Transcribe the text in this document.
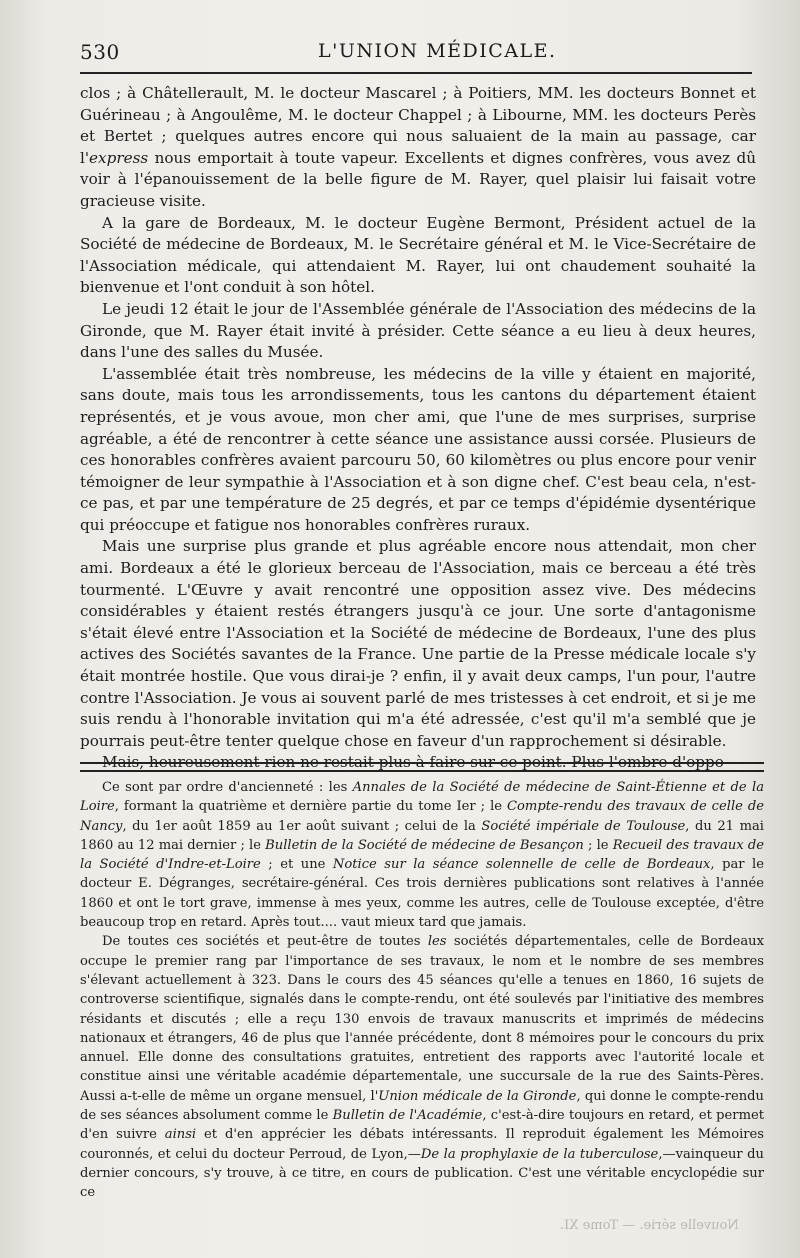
530	L'UNION MÉDICALE.

clos ; à Châtellerault, M. le docteur Mascarel ; à Poitiers, MM. les docteurs Bonnet et Guérineau ; à Angoulême, M. le docteur Chappel ; à Libourne, MM. les docteurs Perès et Bertet ; quelques autres encore qui nous saluaient de la main au passage, car l'express nous emportait à toute vapeur. Excellents et dignes confrères, vous avez dû voir à l'épanouissement de la belle figure de M. Rayer, quel plaisir lui faisait votre gracieuse visite.

A la gare de Bordeaux, M. le docteur Eugène Bermont, Président actuel de la Société de médecine de Bordeaux, M. le Secrétaire général et M. le Vice-Secrétaire de l'Association médicale, qui attendaient M. Rayer, lui ont chaudement souhaité la bienvenue et l'ont conduit à son hôtel.

Le jeudi 12 était le jour de l'Assemblée générale de l'Association des médecins de la Gironde, que M. Rayer était invité à présider. Cette séance a eu lieu à deux heures, dans l'une des salles du Musée.

L'assemblée était très nombreuse, les médecins de la ville y étaient en majorité, sans doute, mais tous les arrondissements, tous les cantons du département étaient représentés, et je vous avoue, mon cher ami, que l'une de mes surprises, surprise agréable, a été de rencontrer à cette séance une assistance aussi corsée. Plusieurs de ces honorables confrères avaient parcouru 50, 60 kilomètres ou plus encore pour venir témoigner de leur sympathie à l'Association et à son digne chef. C'est beau cela, n'est-ce pas, et par une température de 25 degrés, et par ce temps d'épidémie dysentérique qui préoccupe et fatigue nos honorables confrères ruraux.

Mais une surprise plus grande et plus agréable encore nous attendait, mon cher ami. Bordeaux a été le glorieux berceau de l'Association, mais ce berceau a été très tourmenté. L'Œuvre y avait rencontré une opposition assez vive. Des médecins considérables y étaient restés étrangers jusqu'à ce jour. Une sorte d'antagonisme s'était élevé entre l'Association et la Société de médecine de Bordeaux, l'une des plus actives des Sociétés savantes de la France. Une partie de la Presse médicale locale s'y était montrée hostile. Que vous dirai-je ? enfin, il y avait deux camps, l'un pour, l'autre contre l'Association. Je vous ai souvent parlé de mes tristesses à cet endroit, et si je me suis rendu à l'honorable invitation qui m'a été adressée, c'est qu'il m'a semblé que je pourrais peut-être tenter quelque chose en faveur d'un rapprochement si désirable.

Mais, heureusement rien ne restait plus à faire sur ce point. Plus l'ombre d'oppo-

Ce sont par ordre d'ancienneté : les Annales de la Société de médecine de Saint-Étienne et de la Loire, formant la quatrième et dernière partie du tome Ier ; le Compte-rendu des travaux de celle de Nancy, du 1er août 1859 au 1er août suivant ; celui de la Société impériale de Toulouse, du 21 mai 1860 au 12 mai dernier ; le Bulletin de la Société de médecine de Besançon ; le Recueil des travaux de la Société d'Indre-et-Loire ; et une Notice sur la séance solennelle de celle de Bordeaux, par le docteur E. Dégranges, secrétaire-général. Ces trois dernières publications sont relatives à l'année 1860 et ont le tort grave, immense à mes yeux, comme les autres, celle de Toulouse exceptée, d'être beaucoup trop en retard. Après tout.... vaut mieux tard que jamais.

De toutes ces sociétés et peut-être de toutes les sociétés départementales, celle de Bordeaux occupe le premier rang par l'importance de ses travaux, le nom et le nombre de ses membres s'élevant actuellement à 323. Dans le cours des 45 séances qu'elle a tenues en 1860, 16 sujets de controverse scientifique, signalés dans le compte-rendu, ont été soulevés par l'initiative des membres résidants et discutés ; elle a reçu 130 envois de travaux manuscrits et imprimés de médecins nationaux et étrangers, 46 de plus que l'année précédente, dont 8 mémoires pour le concours du prix annuel. Elle donne des consultations gratuites, entretient des rapports avec l'autorité locale et constitue ainsi une véritable académie départementale, une succursale de la rue des Saints-Pères. Aussi a-t-elle de même un organe mensuel, l'Union médicale de la Gironde, qui donne le compte-rendu de ses séances absolument comme le Bulletin de l'Académie, c'est-à-dire toujours en retard, et permet d'en suivre ainsi et d'en apprécier les débats intéressants. Il reproduit également les Mémoires couronnés, et celui du docteur Perroud, de Lyon,—De la prophylaxie de la tuberculose,—vainqueur du dernier concours, s'y trouve, à ce titre, en cours de publication. C'est une véritable encyclopédie sur ce

Nouvelle série. — Tome XI.
